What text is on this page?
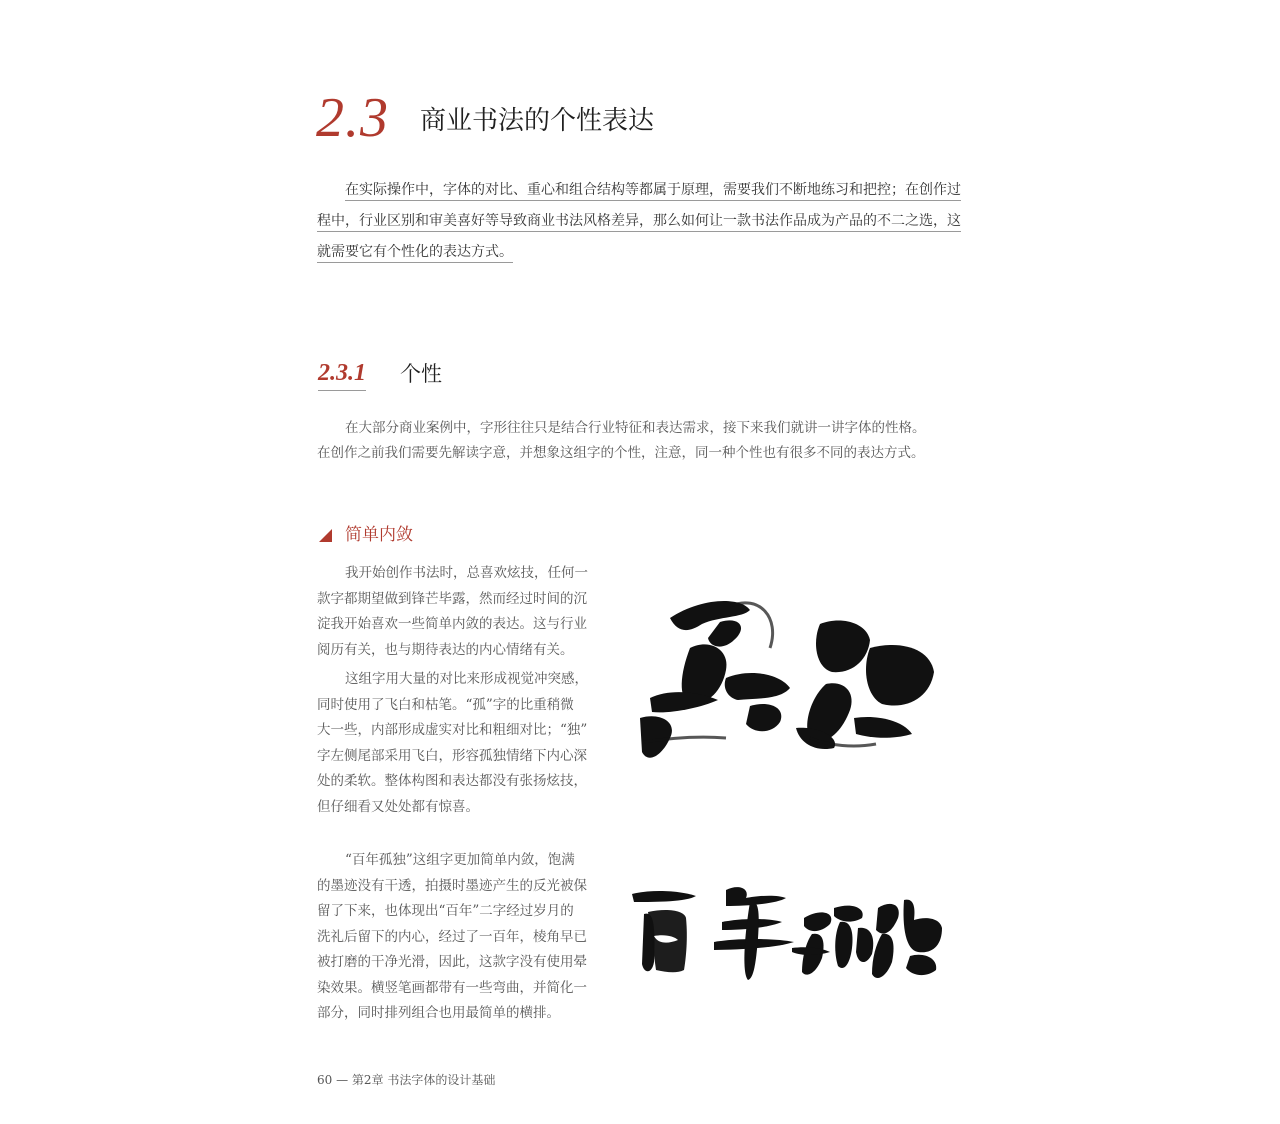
2.3 商业书法的个性表达
在实际操作中，字体的对比、重心和组合结构等都属于原理，需要我们不断地练习和把控；在创作过
程中，行业区别和审美喜好等导致商业书法风格差异，那么如何让一款书法作品成为产品的不二之选，这
就需要它有个性化的表达方式。
2.3.1 个性

在大部分商业案例中，字形往往只是结合行业特征和表达需求，接下来我们就讲一讲字体的性格。

在创作之前我们需要先解读字意，并想象这组字的个性，注意，同一种个性也有很多不同的表达方式。

简单内敛

我开始创作书法时，总喜欢炫技，任何一
款字都期望做到锋芒毕露，然而经过时间的沉
淀我开始喜欢一些简单内敛的表达。这与行业
阅历有关，也与期待表达的内心情绪有关。

这组字用大量的对比来形成视觉冲突感，
同时使用了飞白和枯笔。“孤”字的比重稍微
大一些，内部形成虚实对比和粗细对比；“独”
字左侧尾部采用飞白，形容孤独情绪下内心深
处的柔软。整体构图和表达都没有张扬炫技，
但仔细看又处处都有惊喜。

“百年孤独”这组字更加简单内敛，饱满
的墨迹没有干透，拍摄时墨迹产生的反光被保
留了下来，也体现出“百年”二字经过岁月的
洗礼后留下的内心，经过了一百年，棱角早已
被打磨的干净光滑，因此，这款字没有使用晕
染效果。横竖笔画都带有一些弯曲，并简化一
部分，同时排列组合也用最简单的横排。

60 — 第2章 书法字体的设计基础
